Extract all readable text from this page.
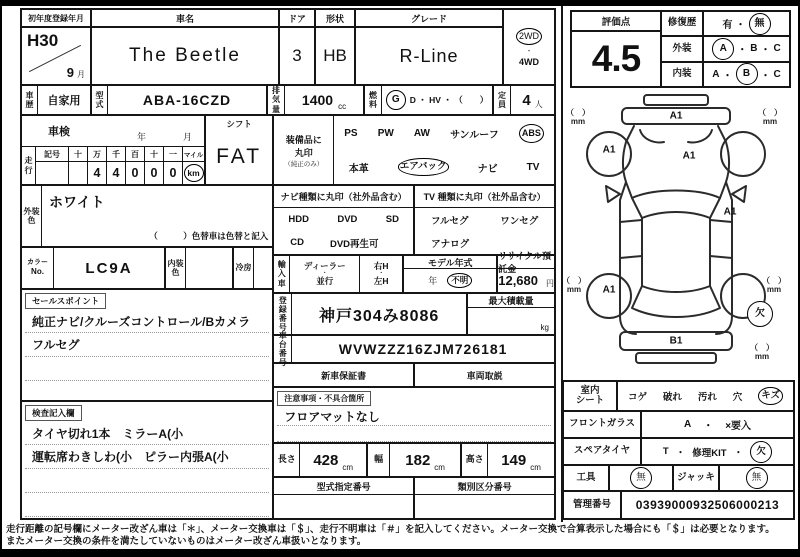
初年度登録年月
H30
9 月
車名
The Beetle
ドア
3
形状
HB
グレード
R-Line
2WD
・
4WD
車歴	自家用	型式	ABA-16CZD
排気量
1400 cc
燃料	G	D ・ HV ・ （　　）	定員	4 人
車検	年	月
走行
記号	十	万	千	百	十	一	マイル
4 4 0 0 0	km
シフト
FAT
外装色
ホワイト
（　　　）色替車は色替と記入
カラー
No.	LC9A	内装色
冷房
セールスポイント
純正ナビ/クルーズコントロール/Bカメラ
フルセグ
検査記入欄
タイヤ切れ1本　ミラーA(小
運転席わきしわ(小　ピラー内張A(小
装備品に
丸印
（純正のみ）
PS PW AW サンルーフ	ABS
本革	エアバック	ナビ	TV
ナビ種類に丸印（社外品含む）	TV 種類に丸印（社外品含む）
HDD	DVD	SD
CD	DVD再生可
フルセグ	ワンセグ
アナログ
輸入車
ディーラー
・
並行
右H
・
左H
モデル年式
年	不明
リサイクル預託金
12,680 円
登録番号
神戸304み8086
最大積載量
kg
車台番号
WVWZZZ16ZJM726181
新車保証書	車両取説
注意事項・不具合箇所
フロアマットなし
長さ	428 cm
幅	182 cm
高さ	149 cm
型式指定番号	類別区分番号
評価点
4.5
修復歴	有 ・ 無
外装	A	・ B ・ C
内装	A ・	B	・ C
A1
A1
A1
A1
A1
B1
欠
（　）
mm
（　）
mm
（　）
mm
（　）
mm
（　）
mm
室内
シート コゲ 破れ 汚れ 穴	キズ
フロントガラス	A ・ ×要入
スペアタイヤ	T ・ 修理KIT ・	欠
工具	無	ジャッキ	無
管理番号	03939000932506000213
走行距離の記号欄にメーター改ざん車は「＊」、メーター交換車は「＄」、走行不明車は「＃」を記入してください。メーター交換で合算表示した場合にも「＄」は必要となります。
またメーター交換の条件を満たしていないものはメーター改ざん車扱いとなります。
